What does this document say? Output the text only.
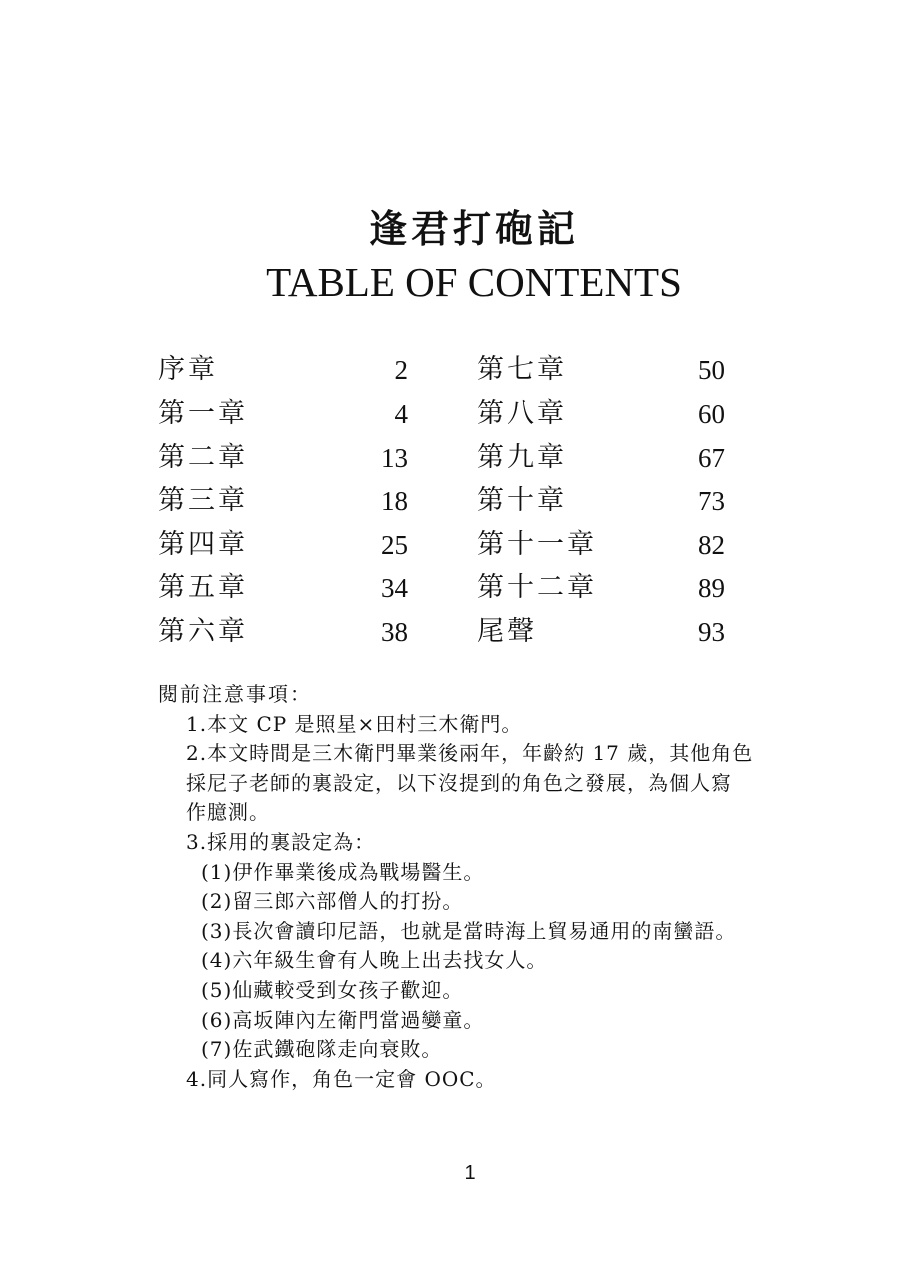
逢君打砲記
TABLE OF CONTENTS
序章	2	第七章	50
第一章	4	第八章	60
第二章	13	第九章	67
第三章	18	第十章	73
第四章	25	第十一章	82
第五章	34	第十二章	89
第六章	38	尾聲	93
閱前注意事項：
1.本文 CP 是照星×田村三木衛門。
2.本文時間是三木衛門畢業後兩年，年齡約 17 歲，其他角色
採尼子老師的裏設定，以下沒提到的角色之發展，為個人寫
作臆測。
3.採用的裏設定為：
(1)伊作畢業後成為戰場醫生。
(2)留三郎六部僧人的打扮。
(3)長次會讀印尼語，也就是當時海上貿易通用的南蠻語。
(4)六年級生會有人晚上出去找女人。
(5)仙藏較受到女孩子歡迎。
(6)高坂陣內左衛門當過孌童。
(7)佐武鐵砲隊走向衰敗。
4.同人寫作，角色一定會 OOC。
1
